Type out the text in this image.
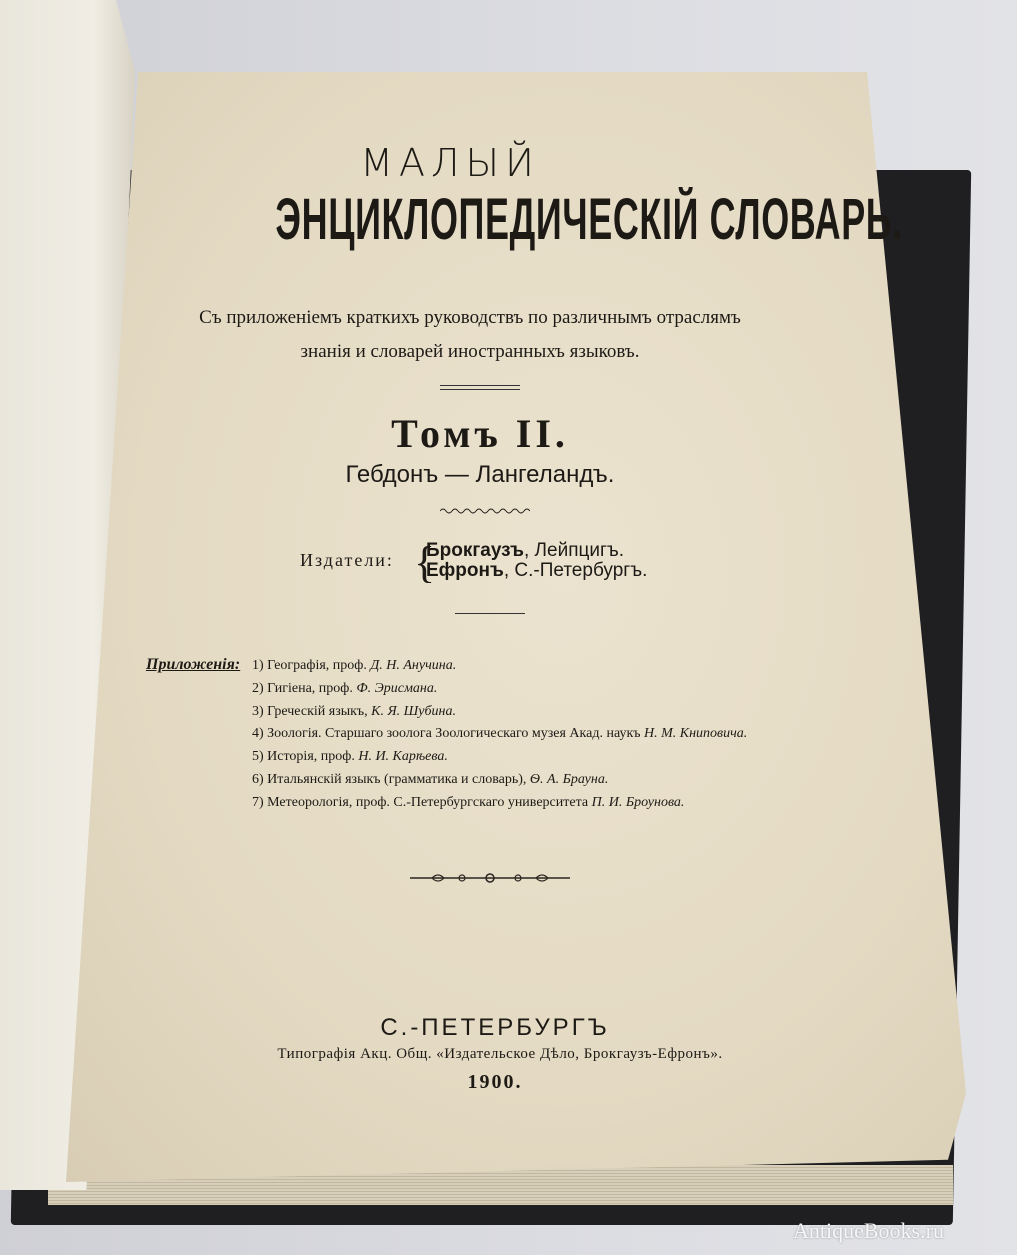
МАЛЫЙ
ЭНЦИКЛОПЕДИЧЕСКІЙ СЛОВАРЬ.
Съ приложеніемъ краткихъ руководствъ по различнымъ отраслямъ
знанія и словарей иностранныхъ языковъ.
Томъ II.
Гебдонъ — Лангеландъ.
Издатели: {
Брокгаузъ, Лейпцигъ.
Ефронъ, С.-Петербургъ.
Приложенія: 1) Географія, проф. Д. Н. Анучина.
2) Гигіена, проф. Ф. Эрисмана.
3) Греческій языкъ, К. Я. Шубина.
4) Зоологія. Старшаго зоолога Зоологическаго музея Акад. наукъ Н. М. Книповича.
5) Исторія, проф. Н. И. Карѣева.
6) Итальянскій языкъ (грамматика и словарь), Ѳ. А. Брауна.
7) Метеорологія, проф. С.-Петербургскаго университета П. И. Броунова.
С.-ПЕТЕРБУРГЪ
Типографія Акц. Общ. «Издательское Дѣло, Брокгаузъ-Ефронъ».
1900.
AntiqueBooks.ru
